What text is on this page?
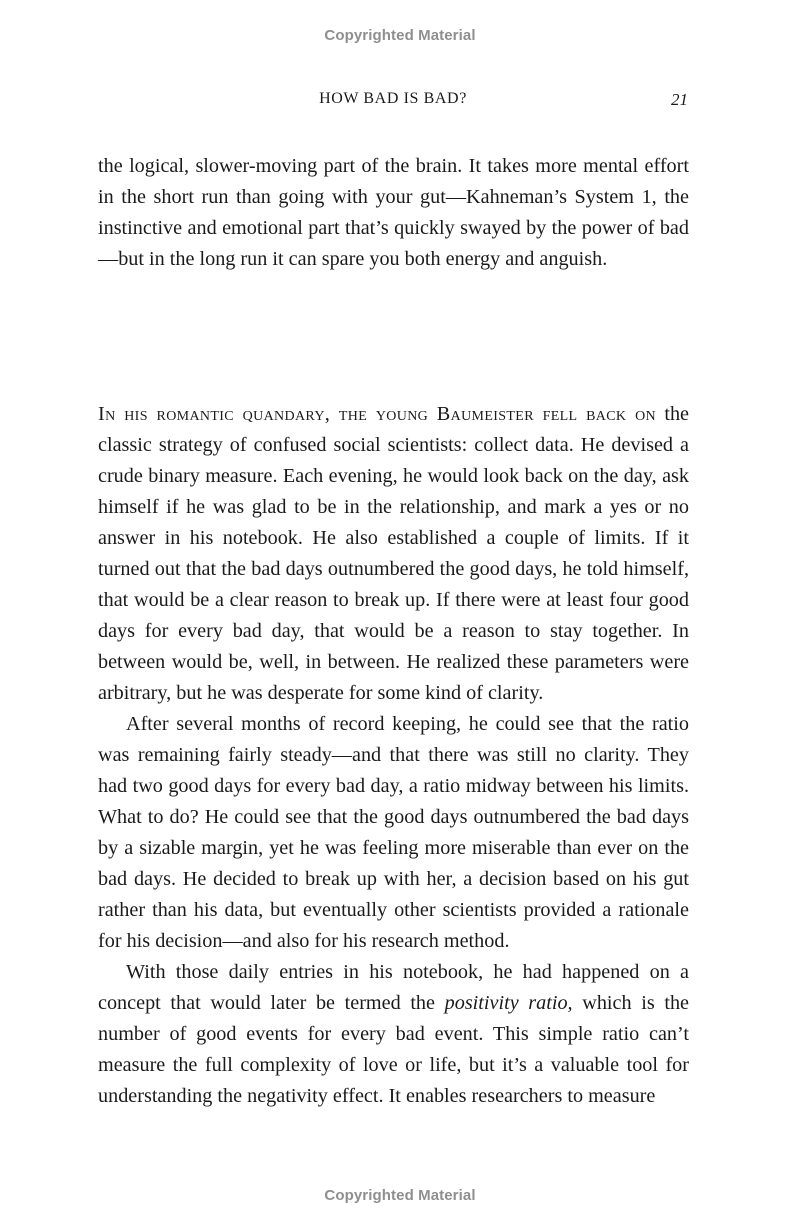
Copyrighted Material
HOW BAD IS BAD?	21

the logical, slower-moving part of the brain. It takes more mental effort in the short run than going with your gut—Kahneman’s System 1, the instinctive and emotional part that’s quickly swayed by the power of bad—but in the long run it can spare you both energy and anguish.

In his romantic quandary, the young Baumeister fell back on the classic strategy of confused social scientists: collect data. He devised a crude binary measure. Each evening, he would look back on the day, ask himself if he was glad to be in the relationship, and mark a yes or no answer in his notebook. He also established a couple of limits. If it turned out that the bad days outnumbered the good days, he told himself, that would be a clear reason to break up. If there were at least four good days for every bad day, that would be a reason to stay together. In between would be, well, in between. He realized these parameters were arbitrary, but he was desperate for some kind of clarity.

After several months of record keeping, he could see that the ratio was remaining fairly steady—and that there was still no clarity. They had two good days for every bad day, a ratio midway between his limits. What to do? He could see that the good days outnumbered the bad days by a sizable margin, yet he was feeling more miserable than ever on the bad days. He decided to break up with her, a decision based on his gut rather than his data, but eventually other scientists provided a rationale for his decision—and also for his research method.

With those daily entries in his notebook, he had happened on a concept that would later be termed the positivity ratio, which is the number of good events for every bad event. This simple ratio can’t measure the full complexity of love or life, but it’s a valuable tool for understanding the negativity effect. It enables researchers to measure

Copyrighted Material
